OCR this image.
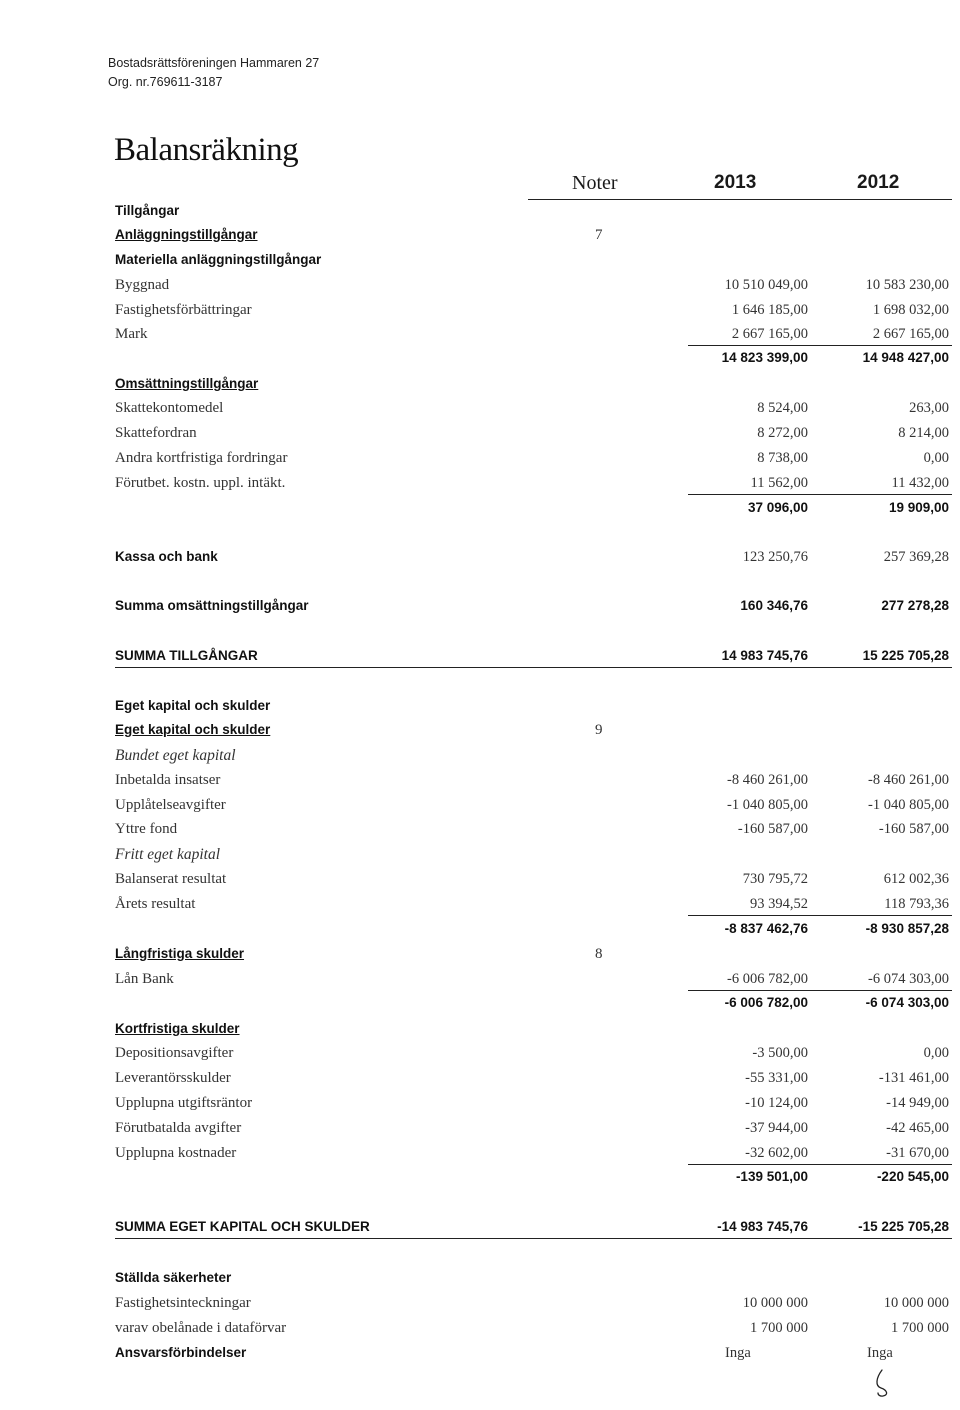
Bostadsrättsföreningen Hammaren 27
Org. nr.769611-3187
Balansräkning
Noter	2013	2012
Tillgångar
Anläggningstillgångar	7
Materiella anläggningstillgångar
Byggnad	10 510 049,00	10 583 230,00
Fastighetsförbättringar	1 646 185,00	1 698 032,00
Mark	2 667 165,00	2 667 165,00
14 823 399,00	14 948 427,00
Omsättningstillgångar
Skattekontomedel	8 524,00	263,00
Skattefordran	8 272,00	8 214,00
Andra kortfristiga fordringar	8 738,00	0,00
Förutbet. kostn. uppl. intäkt.	11 562,00	11 432,00
37 096,00	19 909,00
Kassa och bank	123 250,76	257 369,28
Summa omsättningstillgångar	160 346,76	277 278,28
SUMMA TILLGÅNGAR	14 983 745,76	15 225 705,28
Eget kapital och skulder
Eget kapital och skulder	9
Bundet eget kapital
Inbetalda insatser	-8 460 261,00	-8 460 261,00
Upplåtelseavgifter	-1 040 805,00	-1 040 805,00
Yttre fond	-160 587,00	-160 587,00
Fritt eget kapital
Balanserat resultat	730 795,72	612 002,36
Årets resultat	93 394,52	118 793,36
-8 837 462,76	-8 930 857,28
Långfristiga skulder	8
Lån Bank	-6 006 782,00	-6 074 303,00
-6 006 782,00	-6 074 303,00
Kortfristiga skulder
Depositionsavgifter	-3 500,00	0,00
Leverantörsskulder	-55 331,00	-131 461,00
Upplupna utgiftsräntor	-10 124,00	-14 949,00
Förutbatalda avgifter	-37 944,00	-42 465,00
Upplupna kostnader	-32 602,00	-31 670,00
-139 501,00	-220 545,00
SUMMA EGET KAPITAL OCH SKULDER	-14 983 745,76	-15 225 705,28
Ställda säkerheter
Fastighetsinteckningar	10 000 000	10 000 000
varav obelånade i dataförvar	1 700 000	1 700 000
Ansvarsförbindelser	Inga	Inga
